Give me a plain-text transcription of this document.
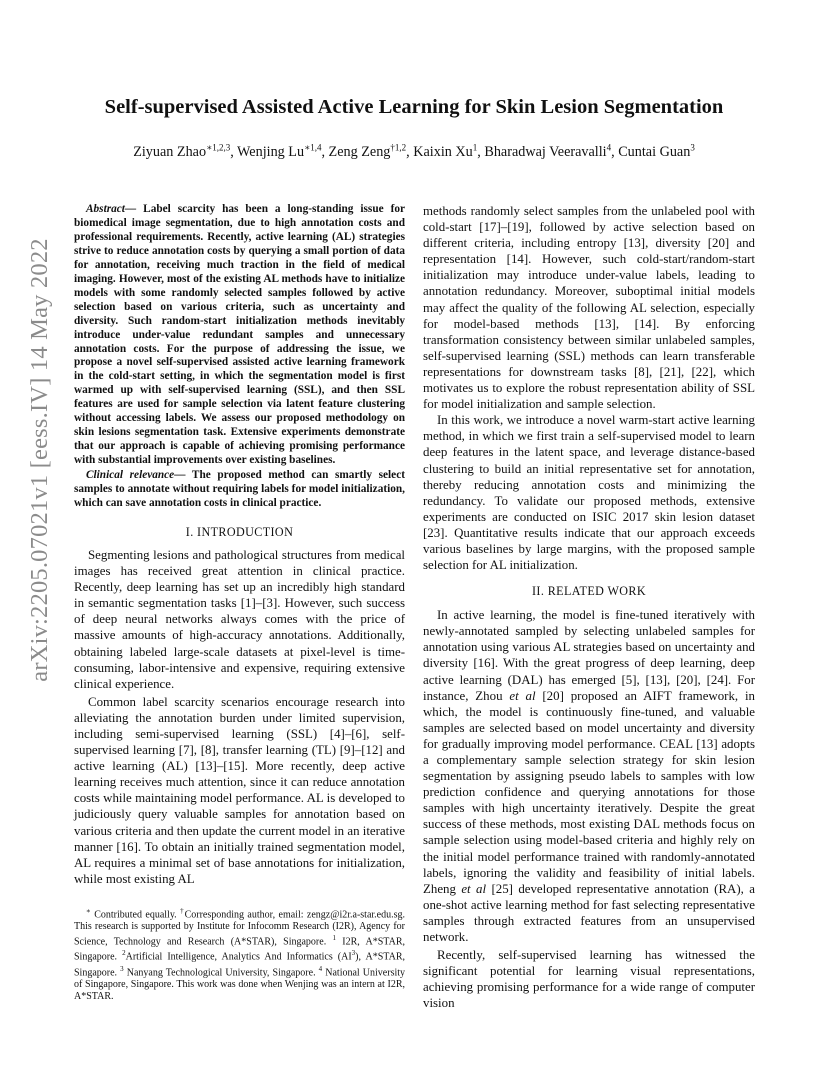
arXiv:2205.07021v1 [eess.IV] 14 May 2022
Self-supervised Assisted Active Learning for Skin Lesion Segmentation
Ziyuan Zhao$^{∗1,2,3}$, Wenjing $Lu^{∗1,4}$, Zeng Zeng$^{\dagger 1,2}$, Kaixin Xu$^1$, Bharadwaj Veeravalli$^4$, Cuntai Guan$^3$

Abstract— Label scarcity has been a long-standing issue for biomedical image segmentation, due to high annotation costs and professional requirements. Recently, active learning (AL) strategies strive to reduce annotation costs by querying a small portion of data for annotation, receiving much traction in the field of medical imaging. However, most of the existing AL methods have to initialize models with some randomly selected samples followed by active selection based on various criteria, such as uncertainty and diversity. Such random-start initialization methods inevitably introduce under-value redundant samples and unnecessary annotation costs. For the purpose of addressing the issue, we propose a novel self-supervised assisted active learning framework in the cold-start setting, in which the segmentation model is first warmed up with self-supervised learning (SSL), and then SSL features are used for sample selection via latent feature clustering without accessing labels. We assess our proposed methodology on skin lesions segmentation task. Extensive experiments demonstrate that our approach is capable of achieving promising performance with substantial improvements over existing baselines.

Clinical relevance— The proposed method can smartly select samples to annotate without requiring labels for model initialization, which can save annotation costs in clinical practice.

I. INTRODUCTION

Segmenting lesions and pathological structures from medical images has received great attention in clinical practice. Recently, deep learning has set up an incredibly high standard in semantic segmentation tasks [1]–[3]. However, such success of deep neural networks always comes with the price of massive amounts of high-accuracy annotations. Additionally, obtaining labeled large-scale datasets at pixel-level is time-consuming, labor-intensive and expensive, requiring extensive clinical experience.

Common label scarcity scenarios encourage research into alleviating the annotation burden under limited supervision, including semi-supervised learning (SSL) [4]–[6], self-supervised learning [7], [8], transfer learning (TL) [9]–[12] and active learning (AL) [13]–[15]. More recently, deep active learning receives much attention, since it can reduce annotation costs while maintaining model performance. AL is developed to judiciously query valuable samples for annotation based on various criteria and then update the current model in an iterative manner [16]. To obtain an initially trained segmentation model, AL requires a minimal set of base annotations for initialization, while most existing AL

∗ Contributed equally. †Corresponding author, email: zengz@i2r.a-star.edu.sg. This research is supported by Institute for Infocomm Research (I2R), Agency for Science, Technology and Research (A*STAR), Singapore. $^1$ I2R, A*STAR, Singapore. $^2$Artificial Intelligence, Analytics And Informatics $(AI^3)$, A*STAR, Singapore. $^3$ Nanyang Technological University, Singapore. $^4$ National University of Singapore, Singapore. This work was done when Wenjing was an intern at I2R, A*STAR.

methods randomly select samples from the unlabeled pool with cold-start [17]–[19], followed by active selection based on different criteria, including entropy [13], diversity [20] and representation [14]. However, such cold-start/random-start initialization may introduce under-value labels, leading to annotation redundancy. Moreover, suboptimal initial models may affect the quality of the following AL selection, especially for model-based methods [13], [14]. By enforcing transformation consistency between similar unlabeled samples, self-supervised learning (SSL) methods can learn transferable representations for downstream tasks [8], [21], [22], which motivates us to explore the robust representation ability of SSL for model initialization and sample selection.

In this work, we introduce a novel warm-start active learning method, in which we first train a self-supervised model to learn deep features in the latent space, and leverage distance-based clustering to build an initial representative set for annotation, thereby reducing annotation costs and minimizing the redundancy. To validate our proposed methods, extensive experiments are conducted on ISIC 2017 skin lesion dataset [23]. Quantitative results indicate that our approach exceeds various baselines by large margins, with the proposed sample selection for AL initialization.

II. RELATED WORK

In active learning, the model is fine-tuned iteratively with newly-annotated sampled by selecting unlabeled samples for annotation using various AL strategies based on uncertainty and diversity [16]. With the great progress of deep learning, deep active learning (DAL) has emerged [5], [13], [20], [24]. For instance, Zhou et al [20] proposed an AIFT framework, in which, the model is continuously fine-tuned, and valuable samples are selected based on model uncertainty and diversity for gradually improving model performance. CEAL [13] adopts a complementary sample selection strategy for skin lesion segmentation by assigning pseudo labels to samples with low prediction confidence and querying annotations for those samples with high uncertainty iteratively. Despite the great success of these methods, most existing DAL methods focus on sample selection using model-based criteria and highly rely on the initial model performance trained with randomly-annotated labels, ignoring the validity and feasibility of initial labels. Zheng et al [25] developed representative annotation (RA), a one-shot active learning method for fast selecting representative samples through extracted features from an unsupervised network.

Recently, self-supervised learning has witnessed the significant potential for learning visual representations, achieving promising performance for a wide range of computer vision
